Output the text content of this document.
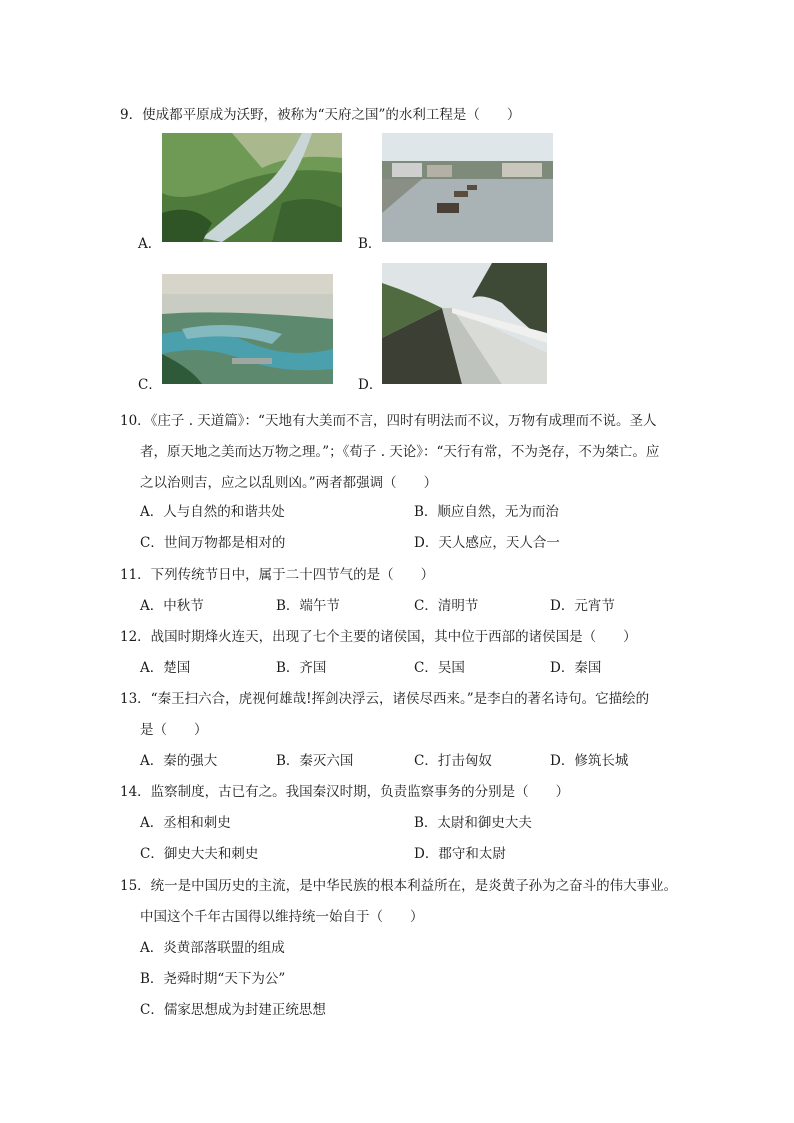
9．使成都平原成为沃野，被称为“天府之国”的水利工程是（　　）
A．	B．
C．	D．
10．《庄子 . 天道篇》：“天地有大美而不言，四时有明法而不议，万物有成理而不说。圣人
者，原天地之美而达万物之理。”；《荀子 . 天论》：“天行有常，不为尧存，不为桀亡。应
之以治则吉，应之以乱则凶。”两者都强调（　　）
A．人与自然的和谐共处	B．顺应自然，无为而治
C．世间万物都是相对的	D．天人感应，天人合一
11．下列传统节日中，属于二十四节气的是（　　）
A．中秋节	B．端午节	C．清明节	D．元宵节
12．战国时期烽火连天，出现了七个主要的诸侯国，其中位于西部的诸侯国是（　　）
A．楚国	B．齐国	C．吴国	D．秦国
13．“秦王扫六合，虎视何雄哉!挥剑决浮云，诸侯尽西来。”是李白的著名诗句。它描绘的
是（　　）
A．秦的强大	B．秦灭六国	C．打击匈奴	D．修筑长城
14．监察制度，古已有之。我国秦汉时期，负责监察事务的分别是（　　）
A．丞相和刺史	B．太尉和御史大夫
C．御史大夫和刺史	D．郡守和太尉
15．统一是中国历史的主流，是中华民族的根本利益所在，是炎黄子孙为之奋斗的伟大事业。
中国这个千年古国得以维持统一始自于（　　）
A．炎黄部落联盟的组成
B．尧舜时期“天下为公”
C．儒家思想成为封建正统思想
